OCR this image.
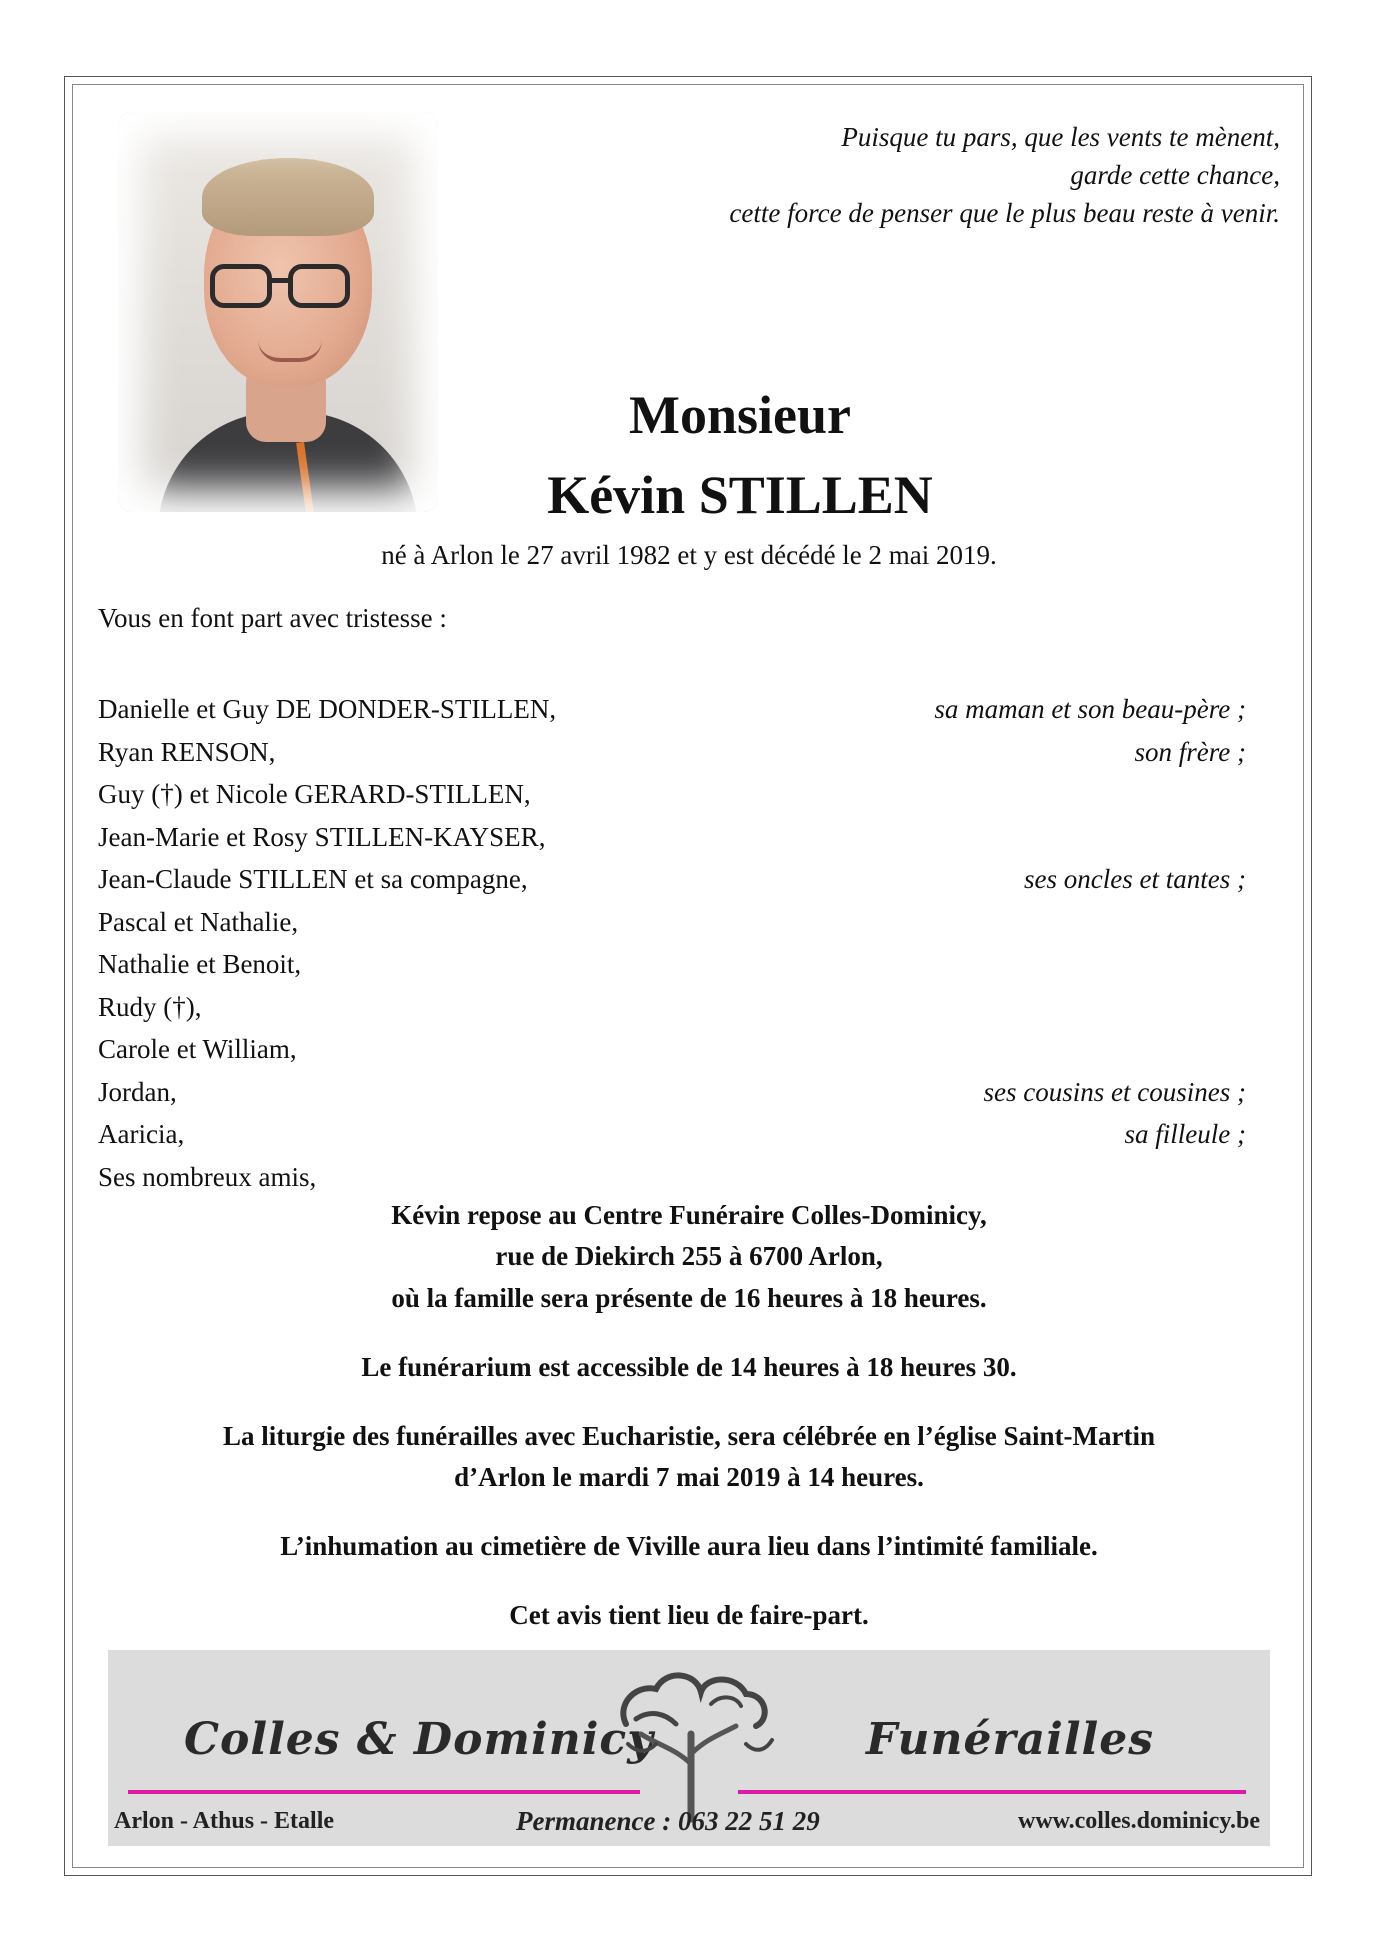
Puisque tu pars, que les vents te mènent,
garde cette chance,
cette force de penser que le plus beau reste à venir.
Monsieur
Kévin STILLEN
né à Arlon le 27 avril 1982 et y est décédé le 2 mai 2019.
Vous en font part avec tristesse :
Danielle et Guy DE DONDER-STILLEN,	sa maman et son beau-père ;
Ryan RENSON,	son frère ;
Guy (†) et Nicole GERARD-STILLEN,
Jean-Marie et Rosy STILLEN-KAYSER,
Jean-Claude STILLEN et sa compagne,	ses oncles et tantes ;
Pascal et Nathalie,
Nathalie et Benoit,
Rudy (†),
Carole et William,
Jordan,	ses cousins et cousines ;
Aaricia,	sa filleule ;
Ses nombreux amis,
Kévin repose au Centre Funéraire Colles-Dominicy,
rue de Diekirch 255 à 6700 Arlon,
où la famille sera présente de 16 heures à 18 heures.
Le funérarium est accessible de 14 heures à 18 heures 30.
La liturgie des funérailles avec Eucharistie, sera célébrée en l’église Saint-Martin
d’Arlon le mardi 7 mai 2019 à 14 heures.
L’inhumation au cimetière de Viville aura lieu dans l’intimité familiale.
Cet avis tient lieu de faire-part.
Colles & Dominicy	Funérailles
Arlon - Athus - Etalle	Permanence : 063 22 51 29	www.colles.dominicy.be
